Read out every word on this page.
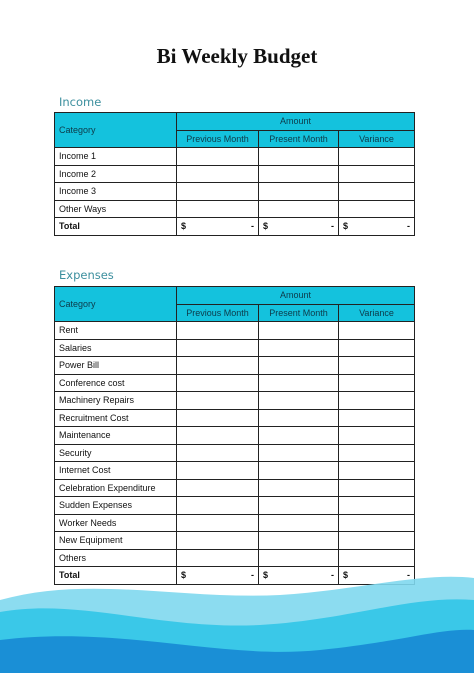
Bi Weekly Budget
Income
Category	Amount		
	Previous Month	Present Month	Variance
Income 1			
Income 2			
Income 3			
Other Ways			
Total	$ -	$ -	$ -
Expenses
Category	Amount		
	Previous Month	Present Month	Variance
Rent			
Salaries			
Power Bill			
Conference cost			
Machinery Repairs			
Recruitment Cost			
Maintenance			
Security			
Internet Cost			
Celebration Expenditure			
Sudden Expenses			
Worker Needs			
New Equipment			
Others			
Total	$ -	$ -	$ -
